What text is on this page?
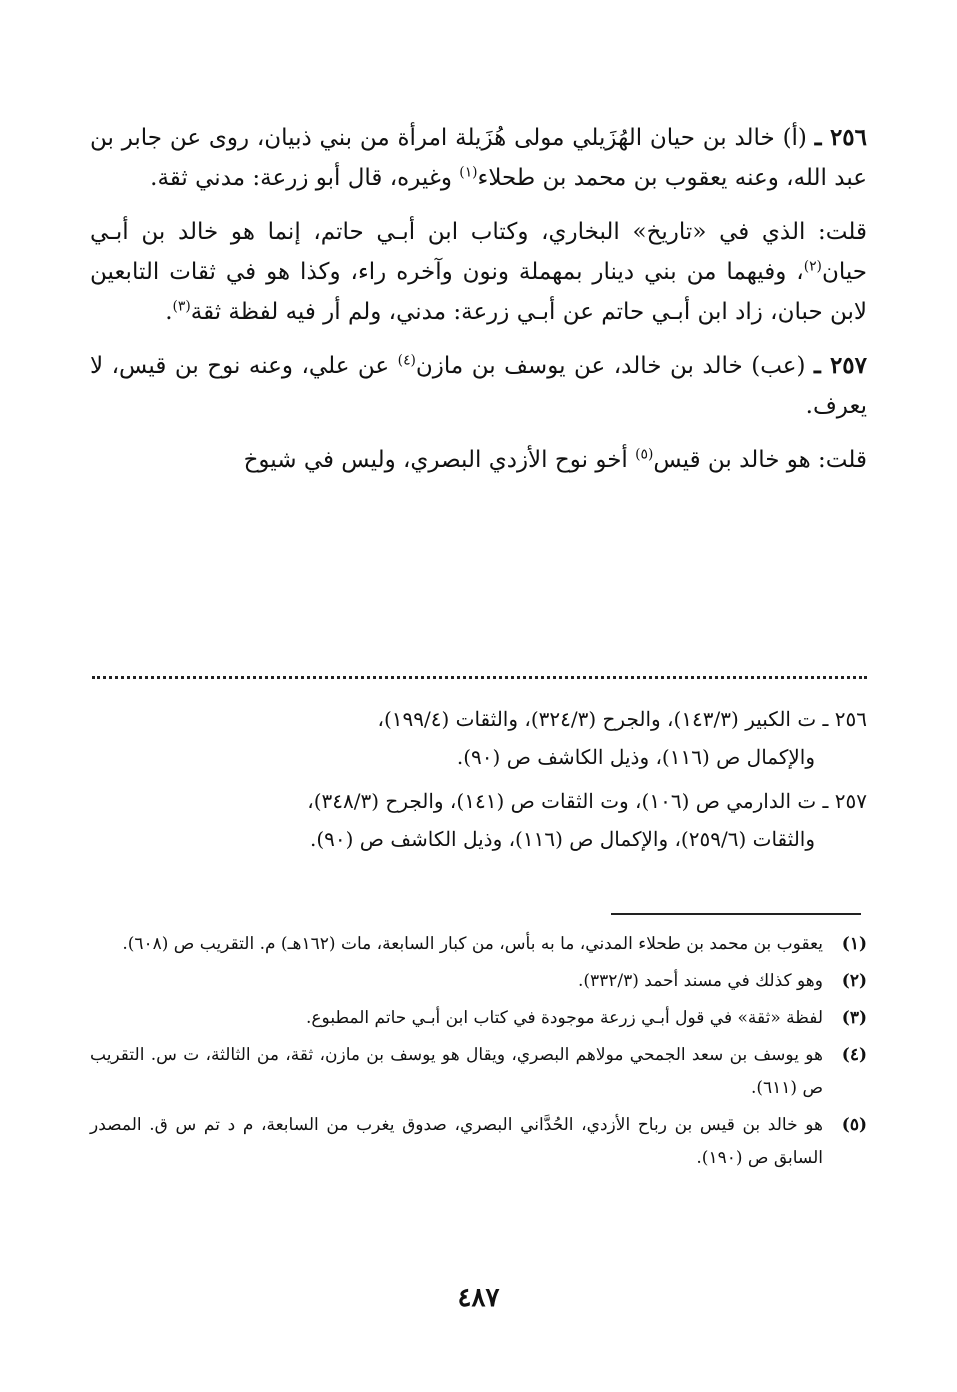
٢٥٦ ـ (أ) خالد بن حيان الهُزَيلي مولى هُزَيلة امرأة من بني ذبيان، روى عن جابر بن عبد الله، وعنه يعقوب بن محمد بن طحلاء$^{(١)}$ وغيره، قال أبو زرعة: مدني ثقة.

قلت: الذي في «تاريخ» البخاري، وكتاب ابن أبـي حاتم، إنما هو خالد بن أبـي حيان$^{(٢)}$، وفيهما من بني دينار بمهملة ونون وآخره راء، وكذا هو في ثقات التابعين لابن حبان، زاد ابن أبـي حاتم عن أبـي زرعة: مدني، ولم أر فيه لفظة ثقة$^{(٣)}$.

٢٥٧ ـ (عب) خالد بن خالد، عن يوسف بن مازن$^{(٤)}$ عن علي، وعنه نوح بن قيس، لا يعرف.

قلت: هو خالد بن قيس$^{(٥)}$ أخو نوح الأزدي البصري، وليس في شيوخ

٢٥٦ ـ ت الكبير (١٤٣/٣)، والجرح (٣٢٤/٣)، والثقات (١٩٩/٤)،
والإكمال ص (١١٦)، وذيل الكاشف ص (٩٠).

٢٥٧ ـ ت الدارمي ص (١٠٦)، وت الثقات ص (١٤١)، والجرح (٣٤٨/٣)،
والثقات (٢٥٩/٦)، والإكمال ص (١١٦)، وذيل الكاشف ص (٩٠).

(١)
يعقوب بن محمد بن طحلاء المدني، ما به بأس، من كبار السابعة، مات (١٦٢هـ) م. التقريب ص (٦٠٨).
(٢)
وهو كذلك في مسند أحمد (٣٣٢/٣).
(٣)
لفظة «ثقة» في قول أبـي زرعة موجودة في كتاب ابن أبـي حاتم المطبوع.
(٤)
هو يوسف بن سعد الجمحي مولاهم البصري، ويقال هو يوسف بن مازن، ثقة، من الثالثة، ت س. التقريب ص (٦١١).
(٥)
هو خالد بن قيس بن رباح الأزدي، الحُدَّاني البصري، صدوق يغرب من السابعة، م د تم س ق. المصدر السابق ص (١٩٠).
٤٨٧
